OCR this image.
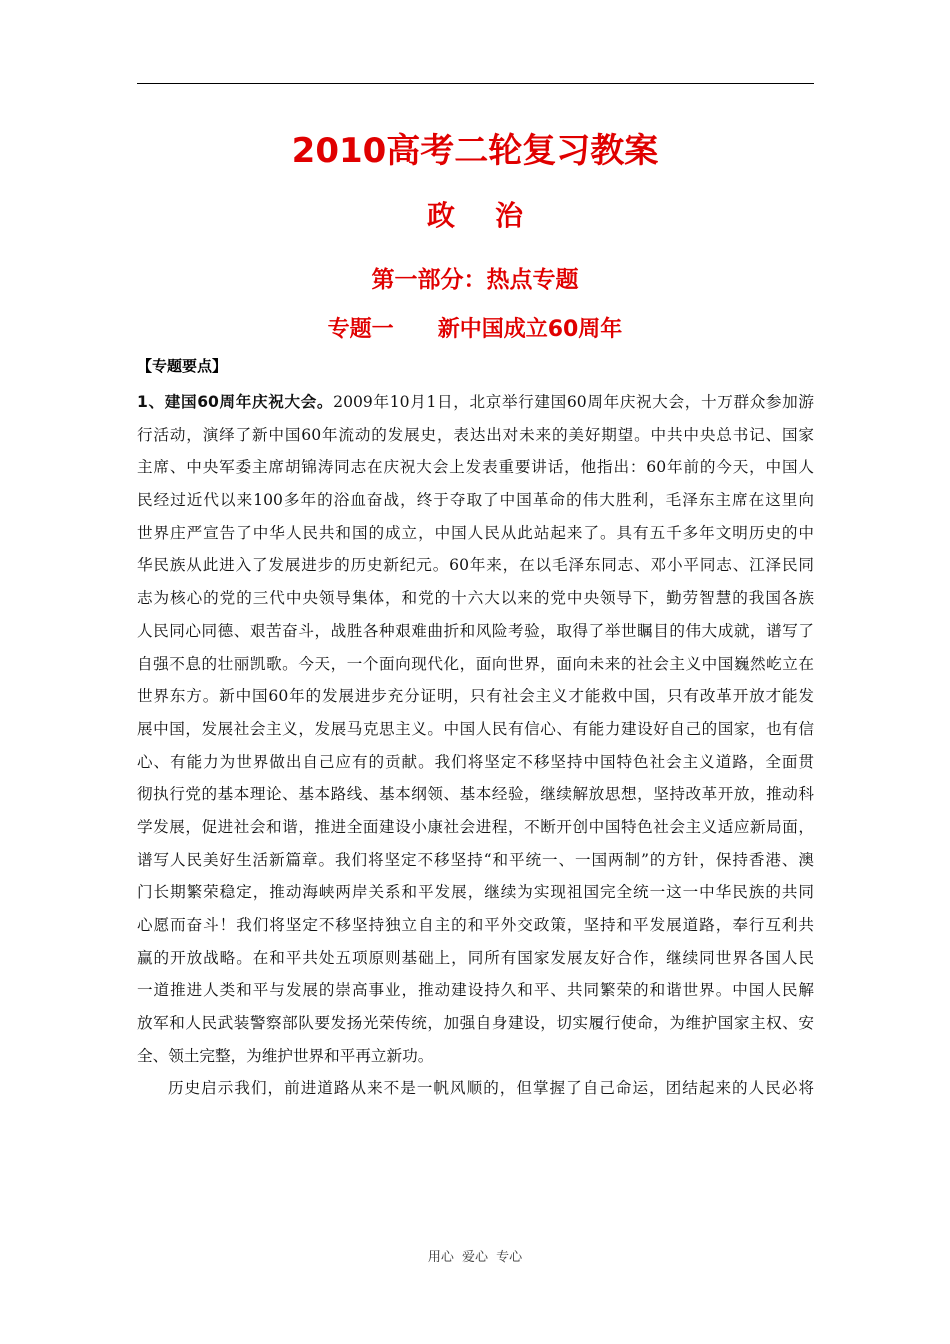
2010高考二轮复习教案
政治
第一部分：热点专题
专题一 新中国成立60周年
【专题要点】
1、建国60周年庆祝大会。2009年10月1日，北京举行建国60周年庆祝大会，十万群众参加游
行活动，演绎了新中国60年流动的发展史，表达出对未来的美好期望。中共中央总书记、国家
主席、中央军委主席胡锦涛同志在庆祝大会上发表重要讲话，他指出：60年前的今天，中国人
民经过近代以来100多年的浴血奋战，终于夺取了中国革命的伟大胜利，毛泽东主席在这里向
世界庄严宣告了中华人民共和国的成立，中国人民从此站起来了。具有五千多年文明历史的中
华民族从此进入了发展进步的历史新纪元。60年来，在以毛泽东同志、邓小平同志、江泽民同
志为核心的党的三代中央领导集体，和党的十六大以来的党中央领导下，勤劳智慧的我国各族
人民同心同德、艰苦奋斗，战胜各种艰难曲折和风险考验，取得了举世瞩目的伟大成就，谱写了
自强不息的壮丽凯歌。今天，一个面向现代化，面向世界，面向未来的社会主义中国巍然屹立在
世界东方。新中国60年的发展进步充分证明，只有社会主义才能救中国，只有改革开放才能发
展中国，发展社会主义，发展马克思主义。中国人民有信心、有能力建设好自己的国家，也有信
心、有能力为世界做出自己应有的贡献。我们将坚定不移坚持中国特色社会主义道路，全面贯
彻执行党的基本理论、基本路线、基本纲领、基本经验，继续解放思想，坚持改革开放，推动科
学发展，促进社会和谐，推进全面建设小康社会进程，不断开创中国特色社会主义适应新局面，
谱写人民美好生活新篇章。我们将坚定不移坚持“和平统一、一国两制”的方针，保持香港、澳
门长期繁荣稳定，推动海峡两岸关系和平发展，继续为实现祖国完全统一这一中华民族的共同
心愿而奋斗！我们将坚定不移坚持独立自主的和平外交政策，坚持和平发展道路，奉行互利共
赢的开放战略。在和平共处五项原则基础上，同所有国家发展友好合作，继续同世界各国人民
一道推进人类和平与发展的崇高事业，推动建设持久和平、共同繁荣的和谐世界。中国人民解
放军和人民武装警察部队要发扬光荣传统，加强自身建设，切实履行使命，为维护国家主权、安
全、领土完整，为维护世界和平再立新功。
历史启示我们，前进道路从来不是一帆风顺的，但掌握了自己命运，团结起来的人民必将
用心 爱心 专心
